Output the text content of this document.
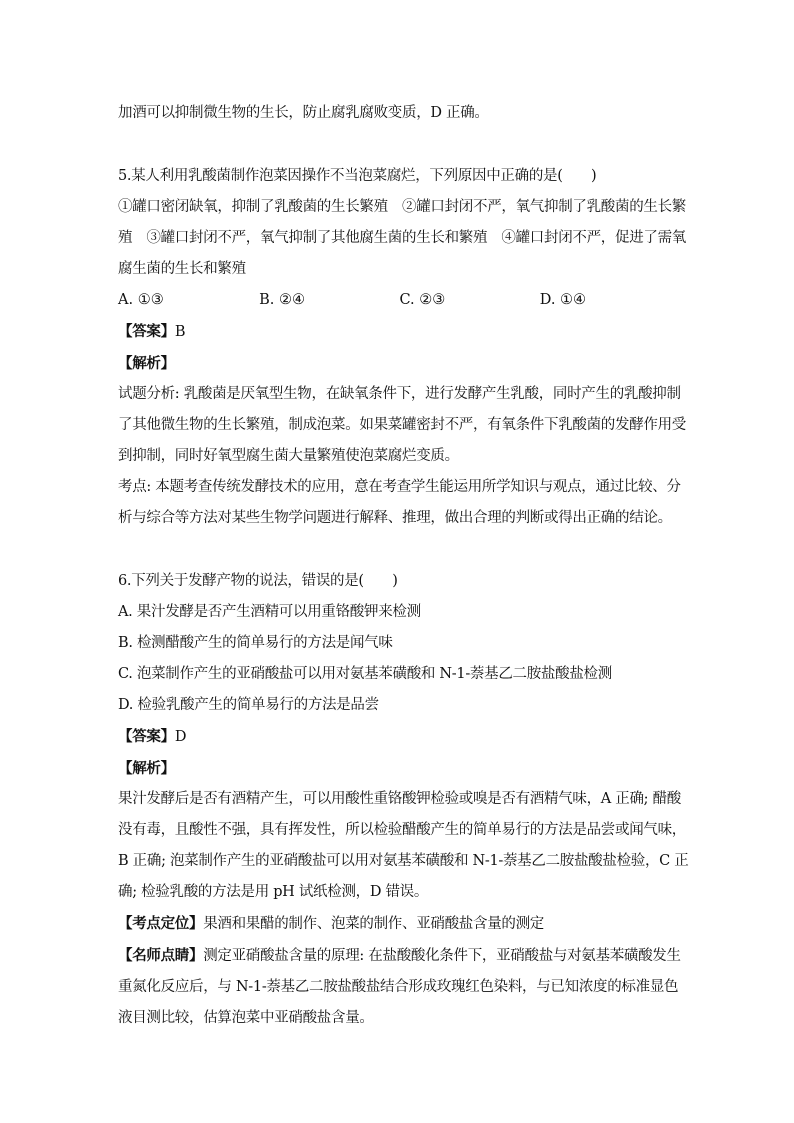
加酒可以抑制微生物的生长，防止腐乳腐败变质，D 正确。
5.某人利用乳酸菌制作泡菜因操作不当泡菜腐烂，下列原因中正确的是(　　)
①罐口密闭缺氧，抑制了乳酸菌的生长繁殖　②罐口封闭不严，氧气抑制了乳酸菌的生长繁
殖　③罐口封闭不严，氧气抑制了其他腐生菌的生长和繁殖　④罐口封闭不严，促进了需氧
腐生菌的生长和繁殖
A. ①③	B. ②④	C. ②③	D. ①④
【答案】B
【解析】
试题分析: 乳酸菌是厌氧型生物，在缺氧条件下，进行发酵产生乳酸，同时产生的乳酸抑制
了其他微生物的生长繁殖，制成泡菜。如果菜罐密封不严，有氧条件下乳酸菌的发酵作用受
到抑制，同时好氧型腐生菌大量繁殖使泡菜腐烂变质。
考点: 本题考查传统发酵技术的应用，意在考查学生能运用所学知识与观点，通过比较、分
析与综合等方法对某些生物学问题进行解释、推理，做出合理的判断或得出正确的结论。
6.下列关于发酵产物的说法，错误的是(　　)
A. 果汁发酵是否产生酒精可以用重铬酸钾来检测
B. 检测醋酸产生的简单易行的方法是闻气味
C. 泡菜制作产生的亚硝酸盐可以用对氨基苯磺酸和 N-1-萘基乙二胺盐酸盐检测
D. 检验乳酸产生的简单易行的方法是品尝
【答案】D
【解析】
果汁发酵后是否有酒精产生，可以用酸性重铬酸钾检验或嗅是否有酒精气味，A 正确; 醋酸
没有毒，且酸性不强，具有挥发性，所以检验醋酸产生的简单易行的方法是品尝或闻气味，
B 正确; 泡菜制作产生的亚硝酸盐可以用对氨基苯磺酸和 N-1-萘基乙二胺盐酸盐检验，C 正
确; 检验乳酸的方法是用 pH 试纸检测，D 错误。
【考点定位】果酒和果醋的制作、泡菜的制作、亚硝酸盐含量的测定
【名师点睛】测定亚硝酸盐含量的原理: 在盐酸酸化条件下，亚硝酸盐与对氨基苯磺酸发生
重氮化反应后，与 N-1-萘基乙二胺盐酸盐结合形成玫瑰红色染料，与已知浓度的标准显色
液目测比较，估算泡菜中亚硝酸盐含量。
